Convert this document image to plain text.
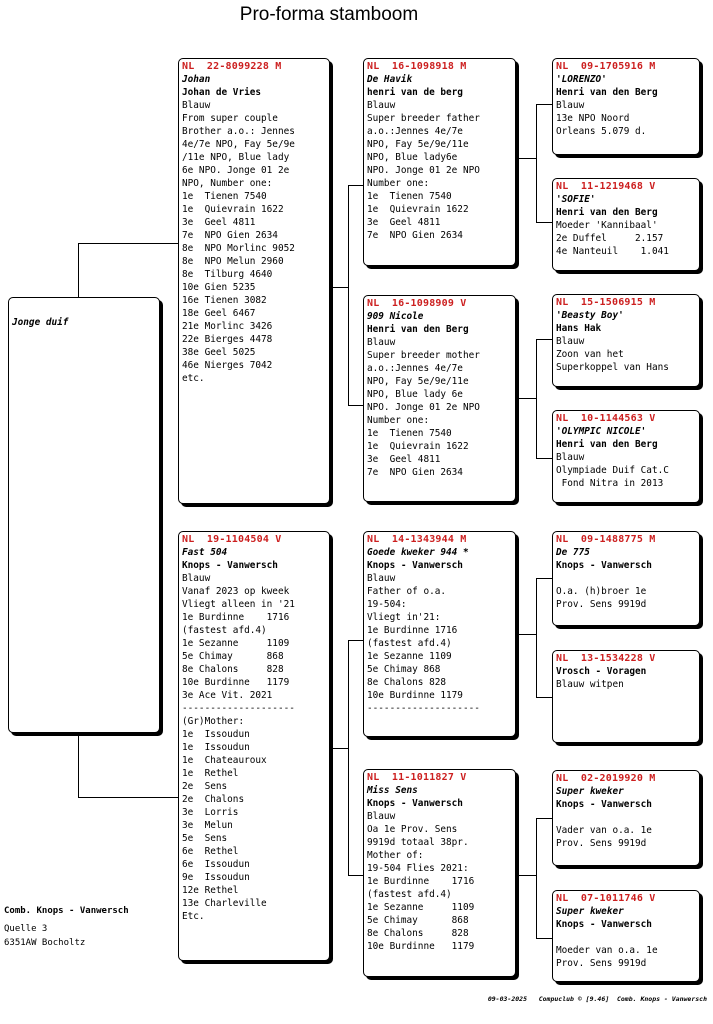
Pro-forma stamboom
Jonge duif
NL  22-8099228 M
Johan
Johan de Vries
Blauw
From super couple
Brother a.o.: Jennes
4e/7e NPO, Fay 5e/9e
/11e NPO, Blue lady
6e NPO. Jonge 01 2e
NPO, Number one:
1e  Tienen 7540
1e  Quievrain 1622
3e  Geel 4811
7e  NPO Gien 2634
8e  NPO Morlinc 9052
8e  NPO Melun 2960
8e  Tilburg 4640
10e Gien 5235
16e Tienen 3082
18e Geel 6467
21e Morlinc 3426
22e Bierges 4478
38e Geel 5025
46e Nierges 7042
etc.
NL  19-1104504 V
Fast 504
Knops - Vanwersch
Blauw
Vanaf 2023 op kweek
Vliegt alleen in '21
1e Burdinne    1716
(fastest afd.4)
1e Sezanne     1109
5e Chimay      868
8e Chalons     828
10e Burdinne   1179
3e Ace Vit. 2021
--------------------
(Gr)Mother:
1e  Issoudun
1e  Issoudun
1e  Chateauroux
1e  Rethel
2e  Sens
2e  Chalons
3e  Lorris
3e  Melun
5e  Sens
6e  Rethel
6e  Issoudun
9e  Issoudun
12e Rethel
13e Charleville
Etc.
NL  16-1098918 M
De Havik
henri van de berg
Blauw
Super breeder father
a.o.:Jennes 4e/7e
NPO, Fay 5e/9e/11e
NPO, Blue lady6e
NPO. Jonge 01 2e NPO
Number one:
1e  Tienen 7540
1e  Quievrain 1622
3e  Geel 4811
7e  NPO Gien 2634
NL  16-1098909 V
909 Nicole
Henri van den Berg
Blauw
Super breeder mother
a.o.:Jennes 4e/7e
NPO, Fay 5e/9e/11e
NPO, Blue lady 6e
NPO. Jonge 01 2e NPO
Number one:
1e  Tienen 7540
1e  Quievrain 1622
3e  Geel 4811
7e  NPO Gien 2634
NL  14-1343944 M
Goede kweker 944 *
Knops - Vanwersch
Blauw
Father of o.a.
19-504:
Vliegt in'21:
1e Burdinne 1716
(fastest afd.4)
1e Sezanne 1109
5e Chimay 868
8e Chalons 828
10e Burdinne 1179
--------------------
NL  11-1011827 V
Miss Sens
Knops - Vanwersch
Blauw
Oa 1e Prov. Sens
9919d totaal 38pr.
Mother of:
19-504 Flies 2021:
1e Burdinne    1716
(fastest afd.4)
1e Sezanne     1109
5e Chimay      868
8e Chalons     828
10e Burdinne   1179
NL  09-1705916 M
'LORENZO'
Henri van den Berg
Blauw
13e NPO Noord
Orleans 5.079 d.
NL  11-1219468 V
'SOFIE'
Henri van den Berg
Moeder 'Kannibaal'
2e Duffel     2.157
4e Nanteuil    1.041
NL  15-1506915 M
'Beasty Boy'
Hans Hak
Blauw
Zoon van het
Superkoppel van Hans
NL  10-1144563 V
'OLYMPIC NICOLE'
Henri van den Berg
Blauw
Olympiade Duif Cat.C
Fond Nitra in 2013
NL  09-1488775 M
De 775
Knops - Vanwersch
O.a. (h)broer 1e
Prov. Sens 9919d
NL  13-1534228 V
Vrosch - Voragen
Blauw witpen
NL  02-2019920 M
Super kweker
Knops - Vanwersch
Vader van o.a. 1e
Prov. Sens 9919d
NL  07-1011746 V
Super kweker
Knops - Vanwersch
Moeder van o.a. 1e
Prov. Sens 9919d
Comb. Knops - Vanwersch
Quelle 3
6351AW Bocholtz
09-03-2025   Compuclub © [9.46]  Comb. Knops - Vanwersch
